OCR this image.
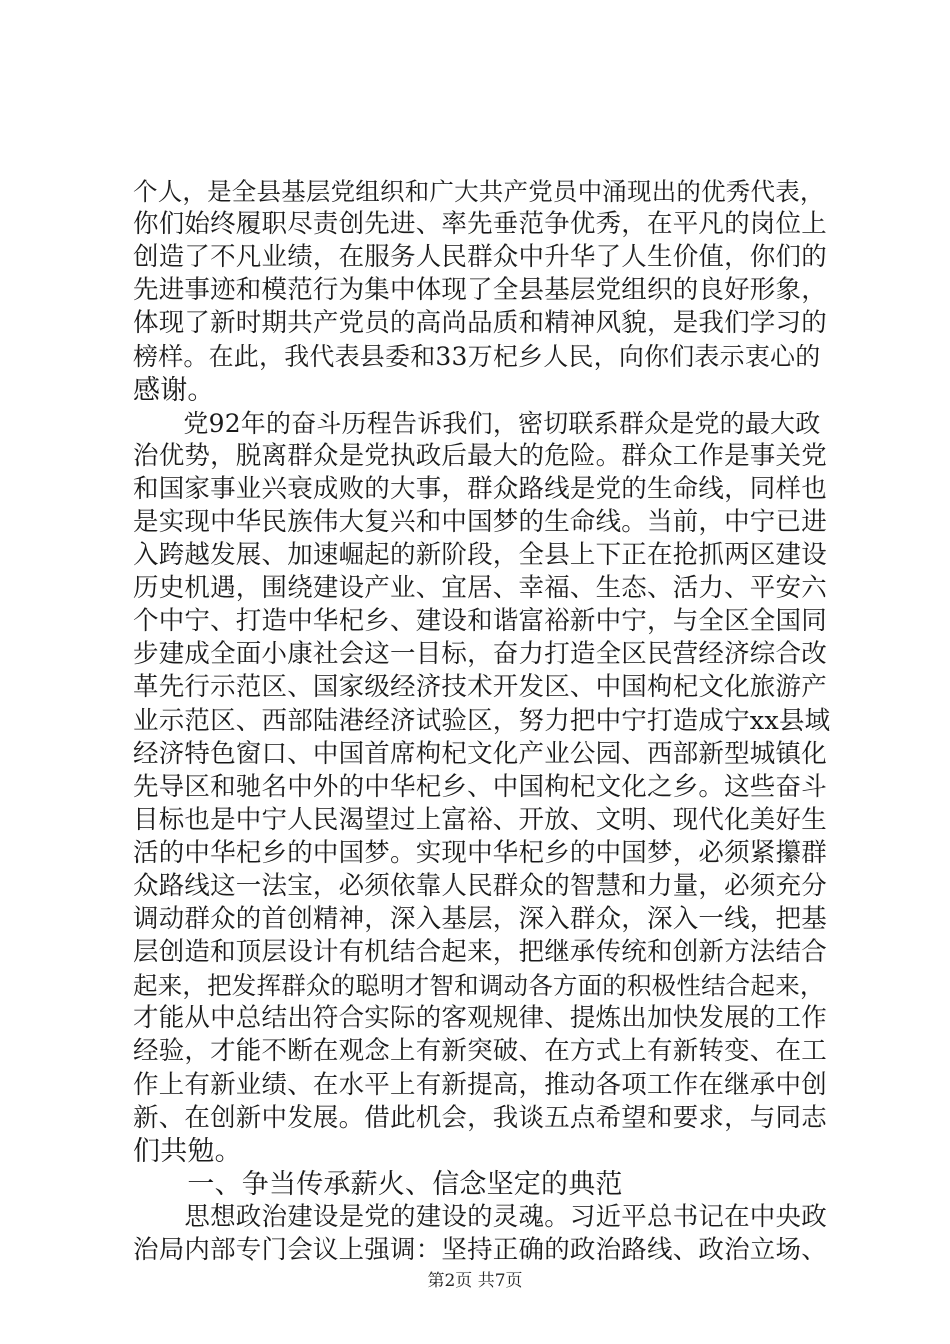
个人，是全县基层党组织和广大共产党员中涌现出的优秀代表，
你们始终履职尽责创先进、率先垂范争优秀，在平凡的岗位上
创造了不凡业绩，在服务人民群众中升华了人生价值，你们的
先进事迹和模范行为集中体现了全县基层党组织的良好形象，
体现了新时期共产党员的高尚品质和精神风貌，是我们学习的
榜样。在此，我代表县委和33万杞乡人民，向你们表示衷心的
感谢。
　　党92年的奋斗历程告诉我们，密切联系群众是党的最大政
治优势，脱离群众是党执政后最大的危险。群众工作是事关党
和国家事业兴衰成败的大事，群众路线是党的生命线，同样也
是实现中华民族伟大复兴和中国梦的生命线。当前，中宁已进
入跨越发展、加速崛起的新阶段，全县上下正在抢抓两区建设
历史机遇，围绕建设产业、宜居、幸福、生态、活力、平安六
个中宁、打造中华杞乡、建设和谐富裕新中宁，与全区全国同
步建成全面小康社会这一目标，奋力打造全区民营经济综合改
革先行示范区、国家级经济技术开发区、中国枸杞文化旅游产
业示范区、西部陆港经济试验区，努力把中宁打造成宁xx县域
经济特色窗口、中国首席枸杞文化产业公园、西部新型城镇化
先导区和驰名中外的中华杞乡、中国枸杞文化之乡。这些奋斗
目标也是中宁人民渴望过上富裕、开放、文明、现代化美好生
活的中华杞乡的中国梦。实现中华杞乡的中国梦，必须紧攥群
众路线这一法宝，必须依靠人民群众的智慧和力量，必须充分
调动群众的首创精神，深入基层，深入群众，深入一线，把基
层创造和顶层设计有机结合起来，把继承传统和创新方法结合
起来，把发挥群众的聪明才智和调动各方面的积极性结合起来，
才能从中总结出符合实际的客观规律、提炼出加快发展的工作
经验，才能不断在观念上有新突破、在方式上有新转变、在工
作上有新业绩、在水平上有新提高，推动各项工作在继承中创
新、在创新中发展。借此机会，我谈五点希望和要求，与同志
们共勉。
　　一、争当传承薪火、信念坚定的典范
　　思想政治建设是党的建设的灵魂。习近平总书记在中央政
治局内部专门会议上强调：坚持正确的政治路线、政治立场、
第2页 共7页
